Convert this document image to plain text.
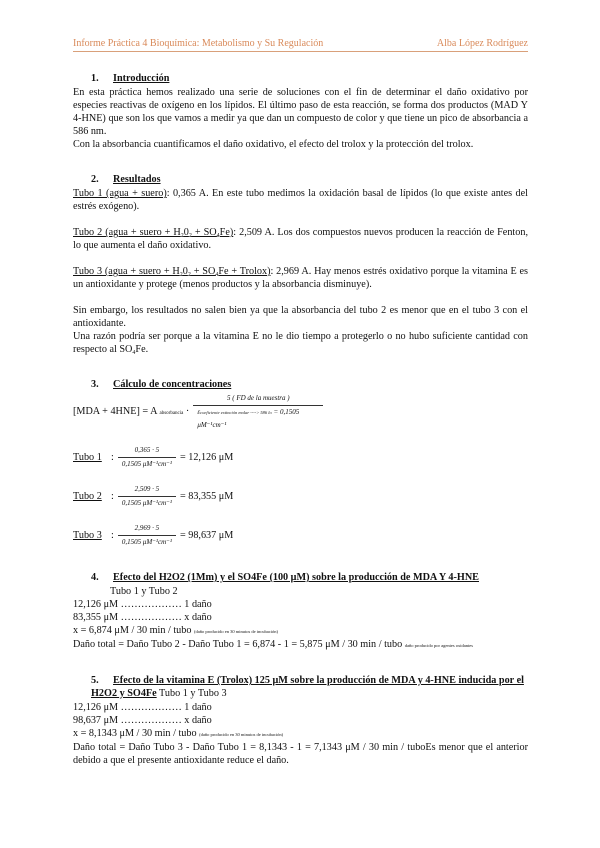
Informe Práctica 4 Bioquímica: Metabolismo y Su Regulación	Alba López Rodríguez
1. Introducción

En esta práctica hemos realizado una serie de soluciones con el fin de determinar el daño oxidativo por especies reactivas de oxígeno en los lípidos. El último paso de esta reacción, se forma dos productos (MAD Y 4-HNE) que son los que vamos a medir ya que dan un compuesto de color y que tiene un pico de absorbancia a 586 nm.

Con la absorbancia cuantificamos el daño oxidativo, el efecto del trolox y la protección del trolox.

2. Resultados

Tubo 1 (agua + suero): 0,365 A. En este tubo medimos la oxidación basal de lípidos (lo que existe antes del estrés exógeno).

Tubo 2 (agua + suero + $H_20_2 + SO_4Fe$): 2,509 A. Los dos compuestos nuevos producen la reacción de Fenton, lo que aumenta el daño oxidativo.

Tubo 3 (agua + suero + $H_20_2 + SO_4Fe$ + Trolox): 2,969 A. Hay menos estrés oxidativo porque la vitamina E es un antioxidante y protege (menos productos y la absorbancia disminuye).

Sin embargo, los resultados no salen bien ya que la absorbancia del tubo 2 es menor que en el tubo 3 con el antioxidante.

Una razón podría ser porque a la vitamina E no le dio tiempo a protegerlo o no hubo suficiente cantidad con respecto al $SO_4Fe$.

3. Cálculo de concentraciones
[MDA + 4HNE] = A absorbancia · $\frac{\text{5 ( FD de la muestra )}}{\text{εcoeficiente extinción molar ----> 586 lo = 0,1505 μM⁻¹cm⁻¹}}$
Tubo 1 : $\frac{0,365 \cdot 5}{\text{0,1505 μM⁻¹cm⁻¹}} = 12,126$ μM
Tubo 2 : $\frac{2,509 \cdot 5}{\text{0,1505 μM⁻¹cm⁻¹}} = 83,355$ μM
Tubo 3 : $\frac{2,969 \cdot 5}{\text{0,1505 μM⁻¹cm⁻¹}} = 98,637$ μM
4. Efecto del H2O2 (1Mm) y el SO4Fe (100 μM) sobre la producción de MDA Y 4-HNE
Tubo 1 y Tubo 2
12,126 μM ……………… 1 daño
83,355 μM ……………… x daño
x = 6,874 μM / 30 min / tubo (daño producido en 30 minutos de incubación)
Daño total = Daño Tubo 2 - Daño Tubo 1 = 6,874 - 1 = 5,875 μM / 30 min / tubo daño producido por agentes oxidantes
5. Efecto de la vitamina E (Trolox) 125 μM sobre la producción de MDA y 4-HNE inducida por el H2O2 y SO4Fe Tubo 1 y Tubo 3
12,126 μM ……………… 1 daño
98,637 μM ……………… x daño
x = 8,1343 μM / 30 min / tubo (daño producido en 30 minutos de incubación)

Daño total = Daño Tubo 3 - Daño Tubo 1 = 8,1343 - 1 = 7,1343 μM / 30 min / tuboEs menor que el anterior debido a que el presente antioxidante reduce el daño.
